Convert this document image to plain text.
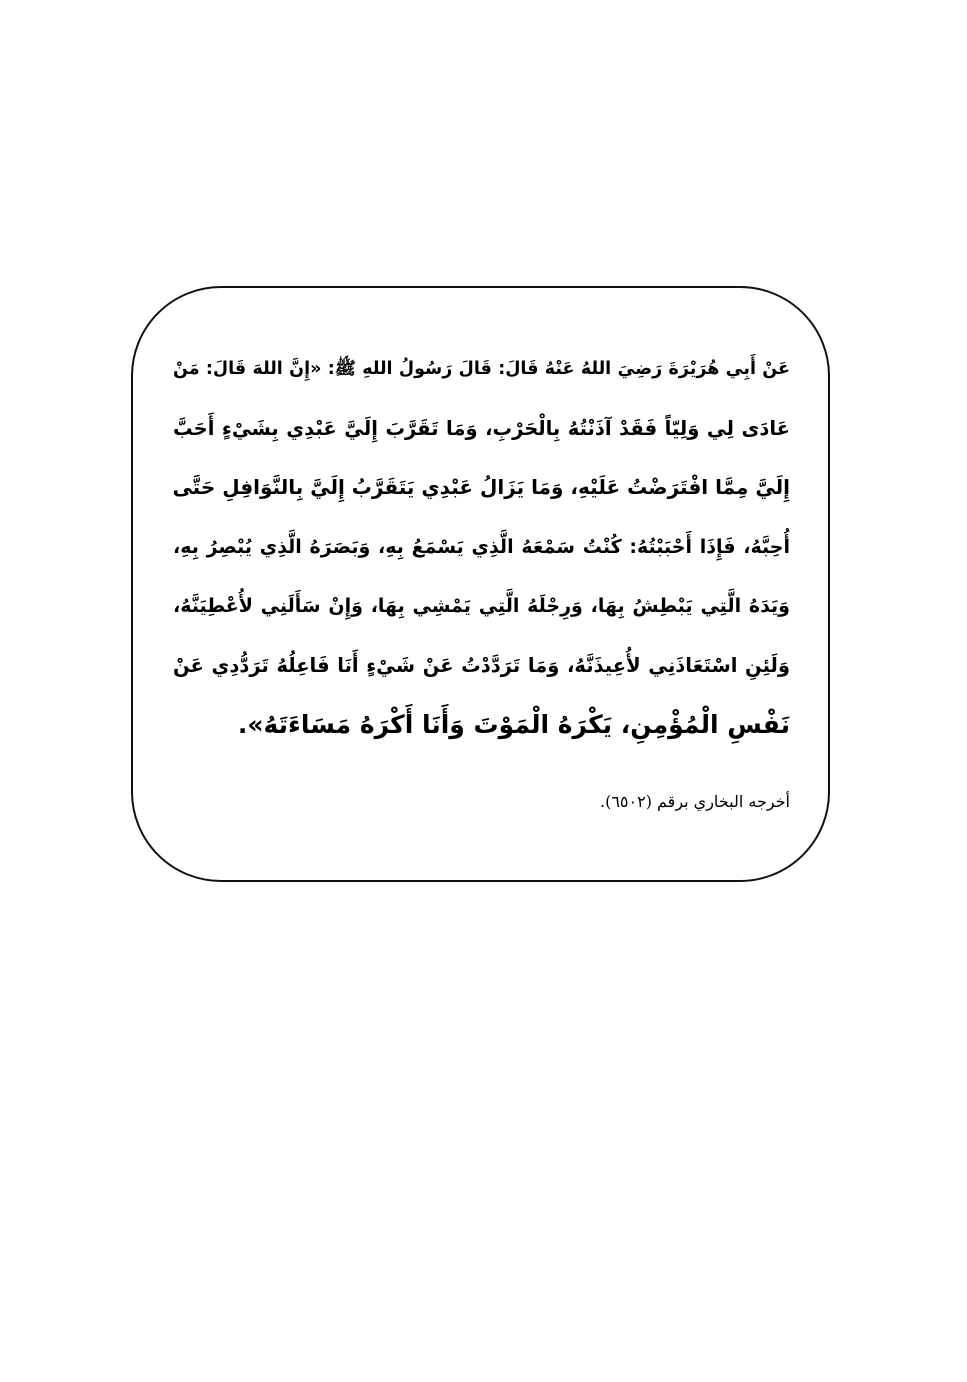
عَنْ أَبِي هُرَيْرَةَ رَضِيَ اللهُ عَنْهُ قَالَ: قَالَ رَسُولُ اللهِ ﷺ: «إِنَّ اللهَ قَالَ: مَنْ
عَادَى لِي وَلِيّاً فَقَدْ آذَنْتُهُ بِالْحَرْبِ، وَمَا تَقَرَّبَ إِلَيَّ عَبْدِي بِشَيْءٍ أَحَبَّ
إِلَيَّ مِمَّا افْتَرَضْتُ عَلَيْهِ، وَمَا يَزَالُ عَبْدِي يَتَقَرَّبُ إِلَيَّ بِالنَّوَافِلِ حَتَّى
أُحِبَّهُ، فَإِذَا أَحْبَبْتُهُ: كُنْتُ سَمْعَهُ الَّذِي يَسْمَعُ بِهِ، وَبَصَرَهُ الَّذِي يُبْصِرُ بِهِ،
وَيَدَهُ الَّتِي يَبْطِشُ بِهَا، وَرِجْلَهُ الَّتِي يَمْشِي بِهَا، وَإِنْ سَأَلَنِي لأُعْطِيَنَّهُ،
وَلَئِنِ اسْتَعَاذَنِي لأُعِيذَنَّهُ، وَمَا تَرَدَّدْتُ عَنْ شَيْءٍ أَنَا فَاعِلُهُ تَرَدُّدِي عَنْ
نَفْسِ الْمُؤْمِنِ، يَكْرَهُ الْمَوْتَ وَأَنَا أَكْرَهُ مَسَاءَتَهُ».
أخرجه البخاري برقم (٦٥٠٢).
